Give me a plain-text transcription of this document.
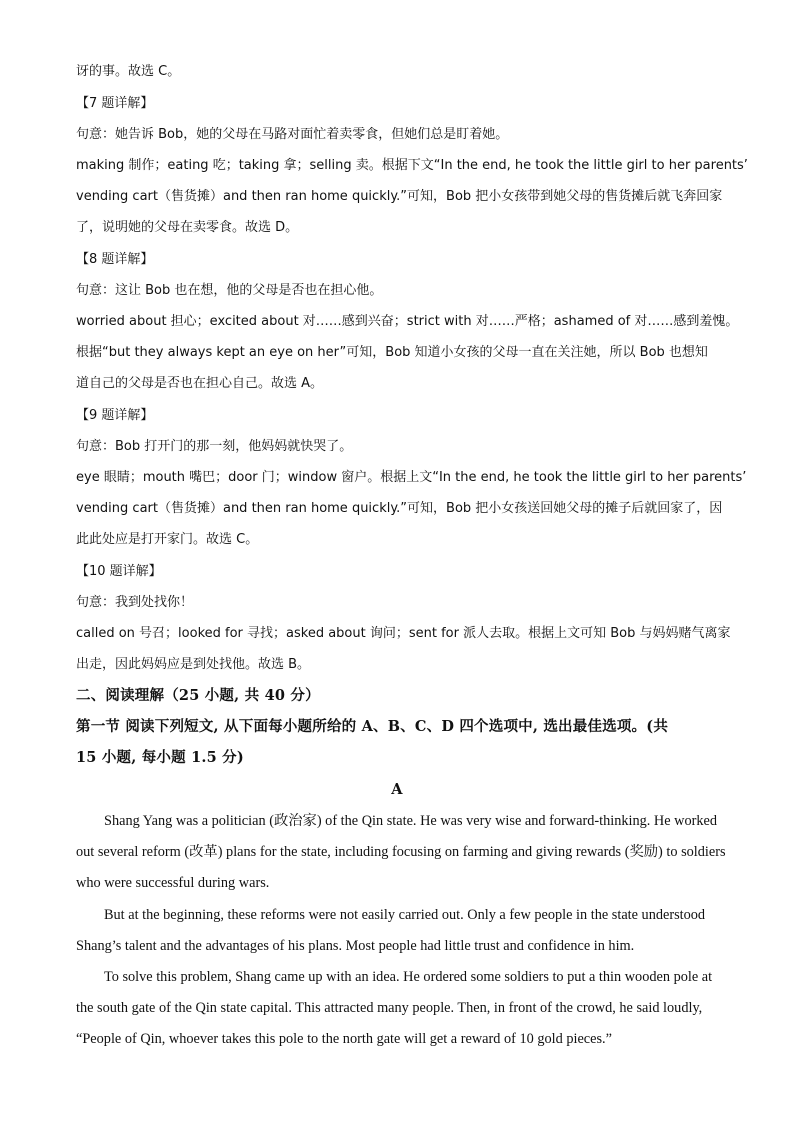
讶的事。故选 C。
【7 题详解】
句意：她告诉 Bob，她的父母在马路对面忙着卖零食，但她们总是盯着她。
making 制作；eating 吃；taking 拿；selling 卖。根据下文“In the end, he took the little girl to her parents’
vending cart（售货摊）and then ran home quickly.”可知，Bob 把小女孩带到她父母的售货摊后就飞奔回家
了，说明她的父母在卖零食。故选 D。
【8 题详解】
句意：这让 Bob 也在想，他的父母是否也在担心他。
worried about 担心；excited about 对……感到兴奋；strict with 对……严格；ashamed of 对……感到羞愧。
根据“but they always kept an eye on her”可知，Bob 知道小女孩的父母一直在关注她，所以 Bob 也想知
道自己的父母是否也在担心自己。故选 A。
【9 题详解】
句意：Bob 打开门的那一刻，他妈妈就快哭了。
eye 眼睛；mouth 嘴巴；door 门；window 窗户。根据上文“In the end, he took the little girl to her parents’
vending cart（售货摊）and then ran home quickly.”可知，Bob 把小女孩送回她父母的摊子后就回家了，因
此此处应是打开家门。故选 C。
【10 题详解】
句意：我到处找你！
called on 号召；looked for 寻找；asked about 询问；sent for 派人去取。根据上文可知 Bob 与妈妈赌气离家
出走，因此妈妈应是到处找他。故选 B。
二、阅读理解（25 小题, 共 40 分）
第一节 阅读下列短文, 从下面每小题所给的 A、B、C、D 四个选项中, 选出最佳选项。(共
15 小题, 每小题 1.5 分)
A
Shang Yang was a politician (政治家) of the Qin state. He was very wise and forward-thinking. He worked
out several reform (改革) plans for the state, including focusing on farming and giving rewards (奖励) to soldiers
who were successful during wars.
But at the beginning, these reforms were not easily carried out. Only a few people in the state understood
Shang’s talent and the advantages of his plans. Most people had little trust and confidence in him.
To solve this problem, Shang came up with an idea. He ordered some soldiers to put a thin wooden pole at
the south gate of the Qin state capital. This attracted many people. Then, in front of the crowd, he said loudly,
“People of Qin, whoever takes this pole to the north gate will get a reward of 10 gold pieces.”
